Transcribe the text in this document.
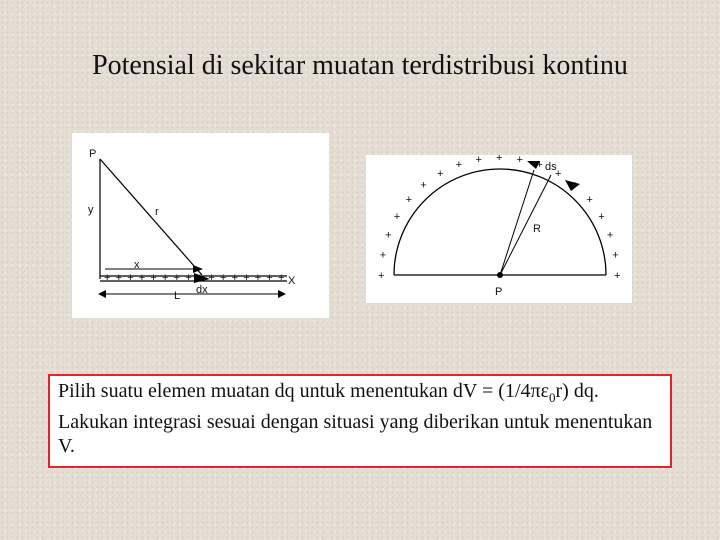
Potensial di sekitar muatan terdistribusi kontinu
+ + + + + + + + + + + + + + +
P
y	r
x
X
L dx
+
+
+
+
+
+
+
+ + + + +
+
+
+
+
+
+
+
ds
R
P
Pilih suatu elemen muatan dq untuk menentukan dV = $(1/4\pi\varepsilon_0r)$ dq. Lakukan integrasi sesuai dengan situasi yang diberikan untuk menentukan V.
